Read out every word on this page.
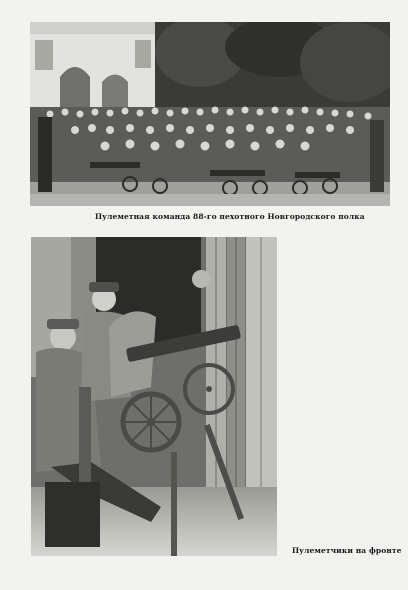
Пулеметная команда 88-го пехотного Новгородского полка
Пулеметчики на фронте
